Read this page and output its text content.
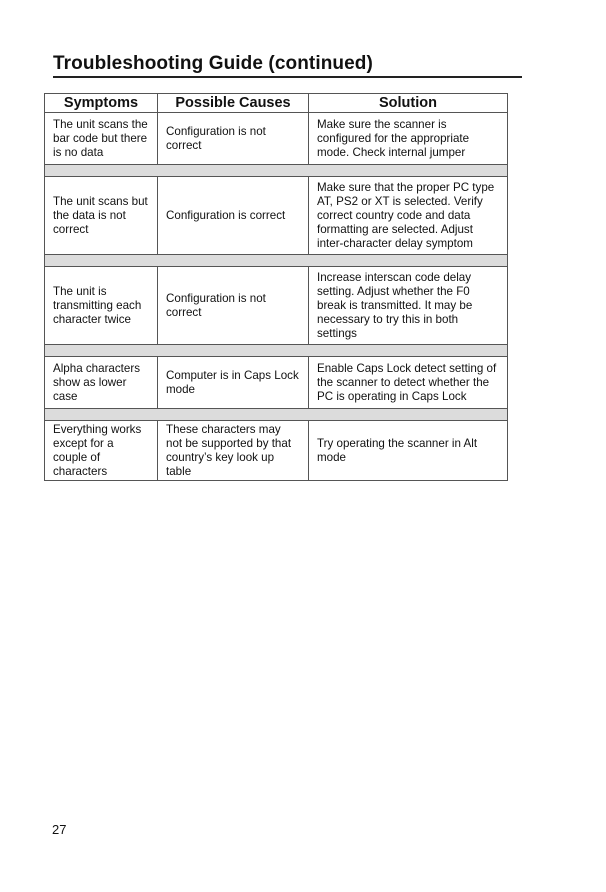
Troubleshooting Guide (continued)
Symptoms	Possible Causes	Solution
The unit scans the bar code but there is no data	Configuration is not correct	Make sure the scanner is configured for the appropriate mode. Check internal jumper

The unit scans but the data is not correct	Configuration is correct	Make sure that the proper PC type AT, PS2 or XT is selected. Verify correct country code and data formatting are selected. Adjust inter-character delay symptom

The unit is transmitting each character twice	Configuration is not correct	Increase interscan code delay setting. Adjust whether the F0 break is transmitted. It may be necessary to try this in both settings

Alpha characters show as lower case	Computer is in Caps Lock mode	Enable Caps Lock detect setting of the scanner to detect whether the PC is operating in Caps Lock

Everything works except for a couple of characters	These characters may not be supported by that country’s key look up table	Try operating the scanner in Alt mode
27
